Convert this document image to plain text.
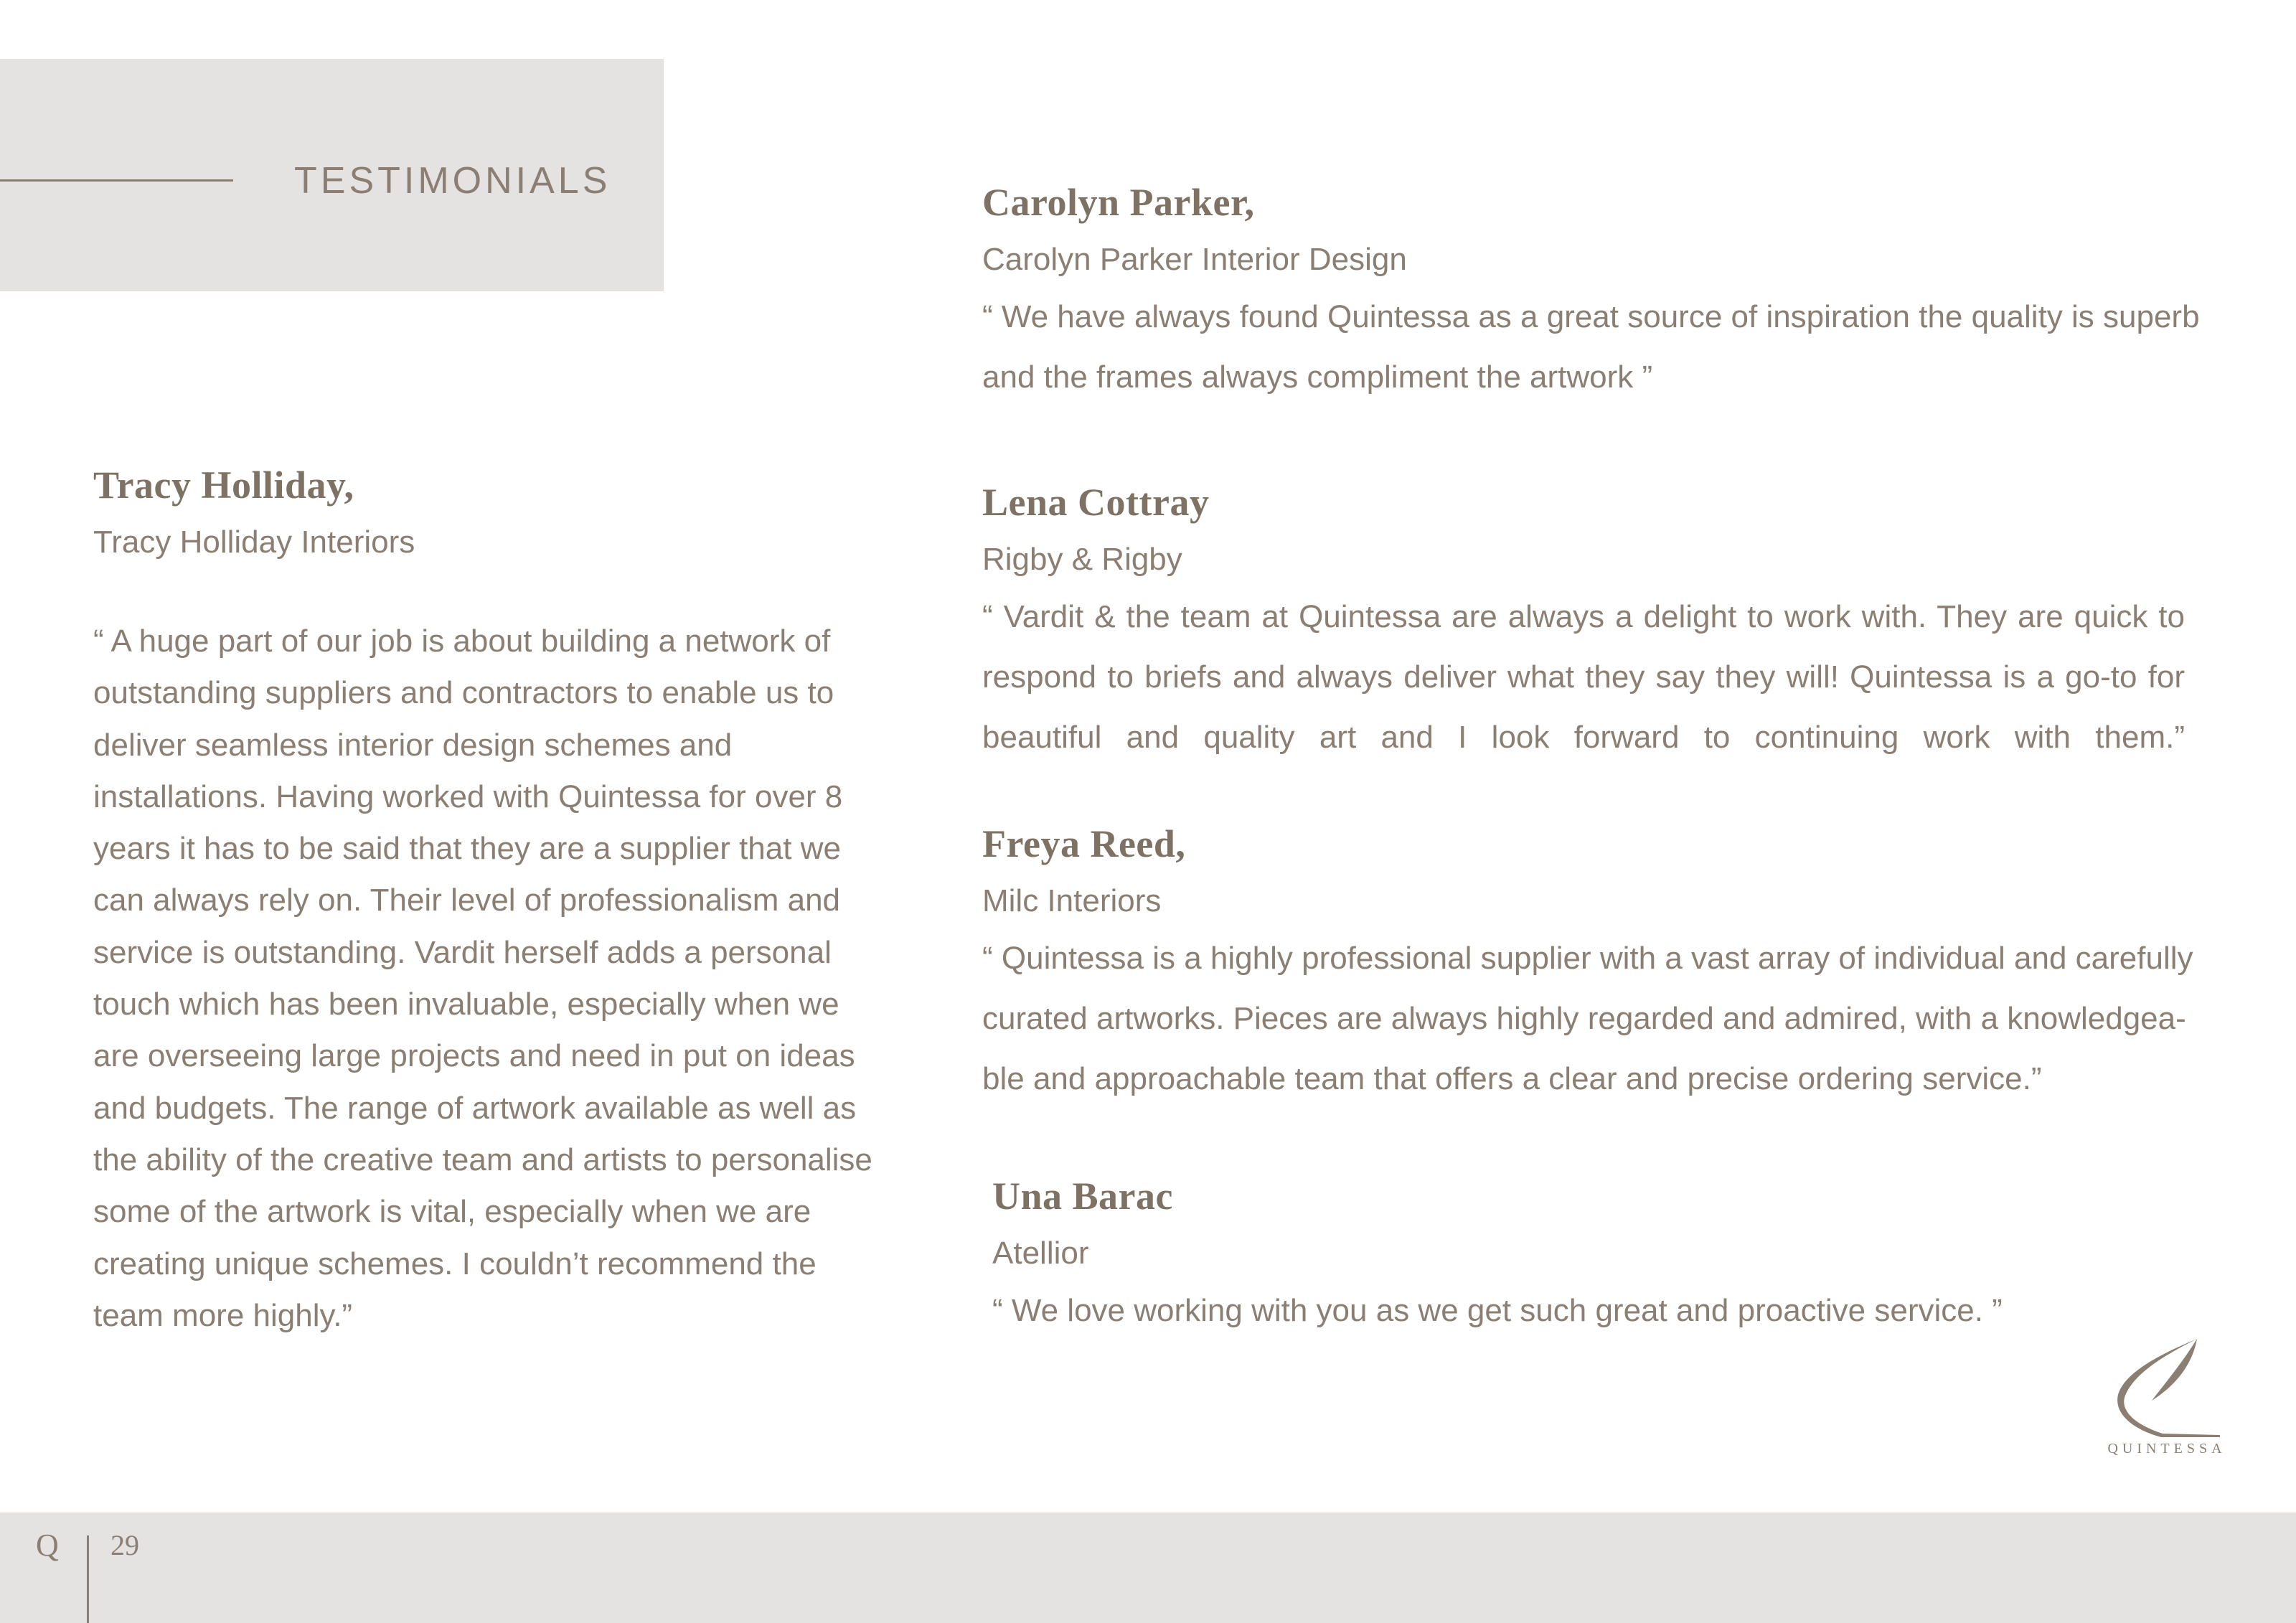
TESTIMONIALS
Tracy Holliday,
Tracy Holliday Interiors
“ A huge part of our job is about building a network of outstanding suppliers and contractors to enable us to deliver seamless interior design schemes and installations. Having worked with Quintessa for over 8 years it has to be said that they are a supplier that we can always rely on. Their level of professionalism and service is outstanding. Vardit herself adds a personal touch which has been invaluable, especially when we are overseeing large projects and need in put on ideas and budgets. The range of artwork available as well as the ability of the creative team and artists to personalise some of the artwork is vital, especially when we are creating unique schemes. I couldn’t recommend the team more highly.”
Carolyn Parker,
Carolyn Parker Interior Design
“ We have always found Quintessa as a great source of inspiration the quality is superb and the frames always compliment the artwork ”
Lena Cottray
Rigby & Rigby
“ Vardit & the team at Quintessa are always a delight to work with. They are quick to respond to briefs and always deliver what they say they will! Quintessa is a go-to for beautiful and quality art and I look forward to continuing work with them.”
Freya Reed,
Milc Interiors
“ Quintessa is a highly professional supplier with a vast array of individual and carefully curated artworks. Pieces are always highly regarded and admired, with a knowledgea-ble and approachable team that offers a clear and precise ordering service.”
Una Barac
Atellior
“ We love working with you as we get such great and proactive service. ”
QUINTESSA
Q 29
